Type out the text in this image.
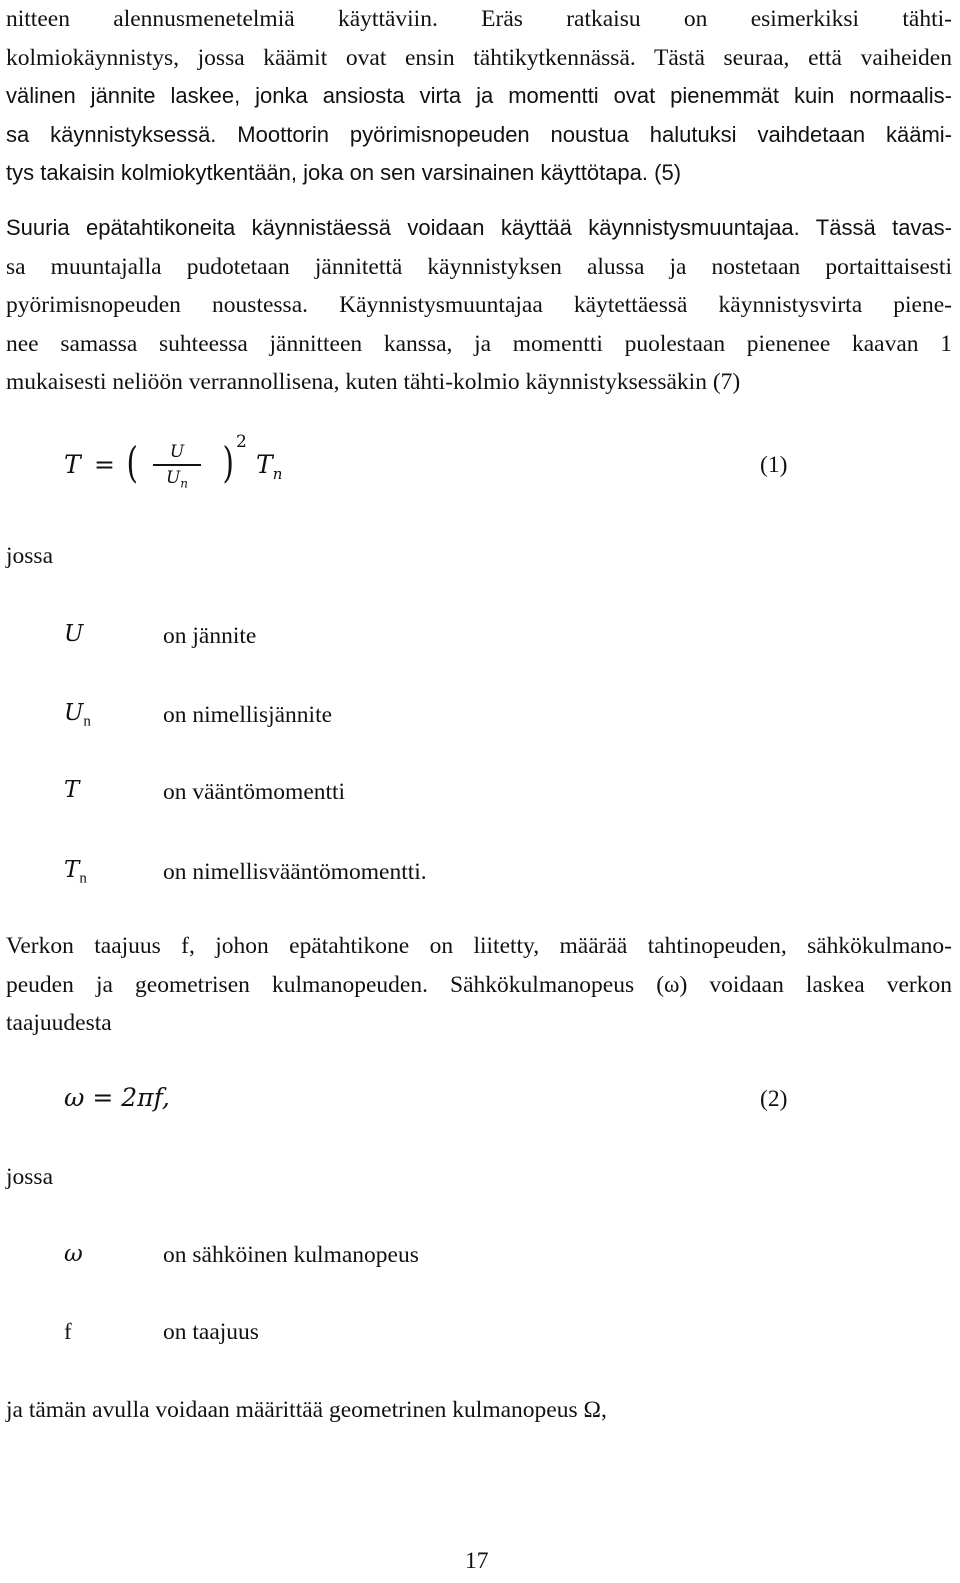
nitteen alennusmenetelmiä käyttäviin. Eräs ratkaisu on esimerkiksi tähti-
kolmiokäynnistys, jossa käämit ovat ensin tähtikytkennässä. Tästä seuraa, että vaiheiden
välinen jännite laskee, jonka ansiosta virta ja momentti ovat pienemmät kuin normaalis-
sa käynnistyksessä. Moottorin pyörimisnopeuden noustua halutuksi vaihdetaan käämi-
tys takaisin kolmiokytkentään, joka on sen varsinainen käyttötapa. (5)
Suuria epätahtikoneita käynnistäessä voidaan käyttää käynnistysmuuntajaa. Tässä tavas-
sa muuntajalla pudotetaan jännitettä käynnistyksen alussa ja nostetaan portaittaisesti
pyörimisnopeuden noustessa. Käynnistysmuuntajaa käytettäessä käynnistysvirta piene-
nee samassa suhteessa jännitteen kanssa, ja momentti puolestaan pienenee kaavan 1
mukaisesti neliöön verrannollisena, kuten tähti-kolmio käynnistyksessäkin (7)
T = (	U
$U_n$ ) 2
$T_n$	(1)
jossa
U	on jännite
$U_n$	on nimellisjännite
T	on vääntömomentti
$T_n$	on nimellisvääntömomentti.
Verkon taajuus f, johon epätahtikone on liitetty, määrää tahtinopeuden, sähkökulmano-
peuden ja geometrisen kulmanopeuden. Sähkökulmanopeus (ω) voidaan laskea verkon
taajuudesta
ω = 2πf,	(2)
jossa
ω	on sähköinen kulmanopeus
f	on taajuus
ja tämän avulla voidaan määrittää geometrinen kulmanopeus Ω,
17
